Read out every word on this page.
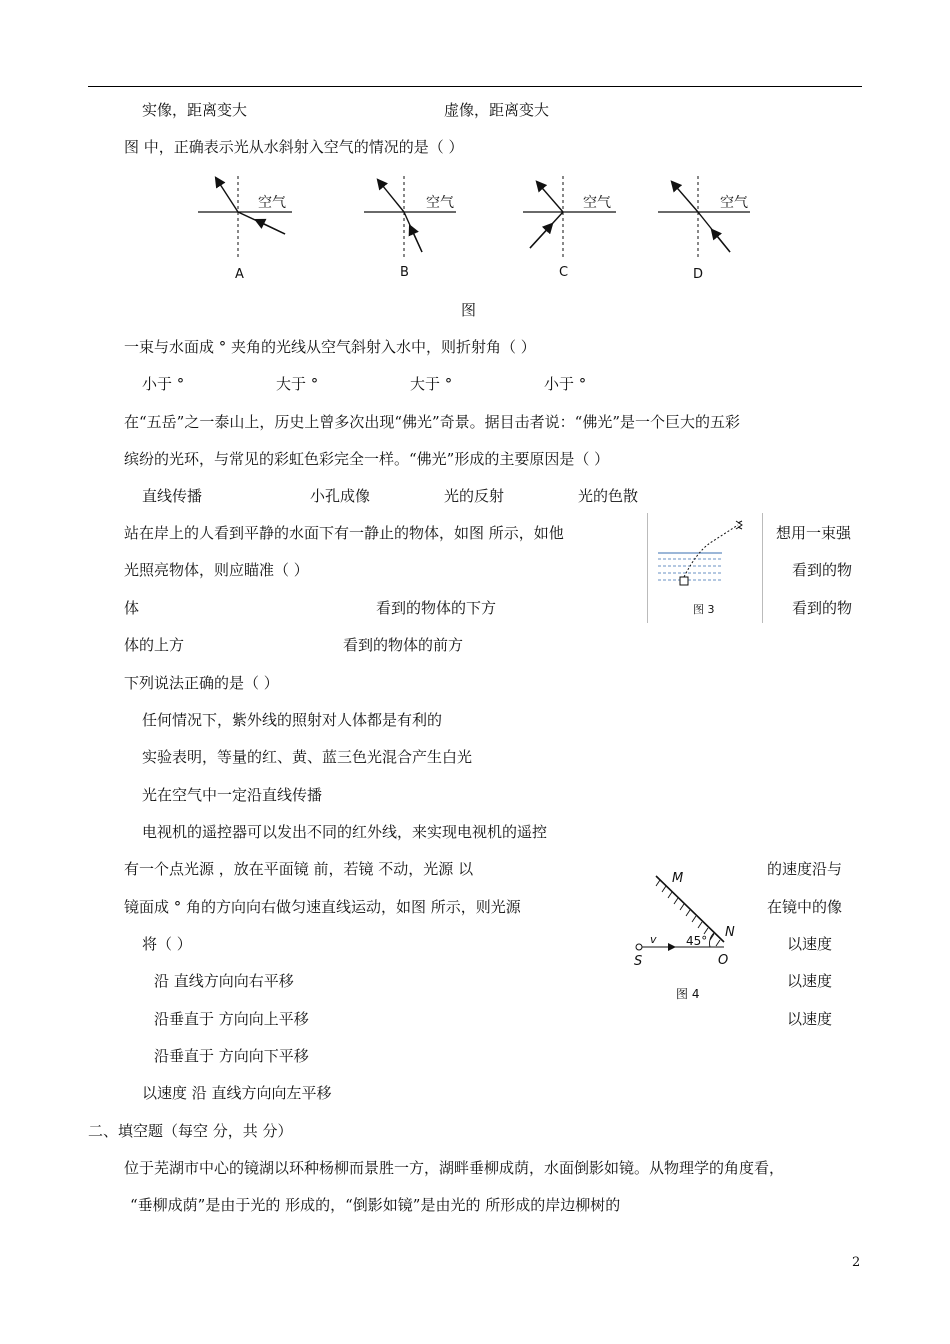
实像，距离变大	虚像，距离变大
图 中，正确表示光从水斜射入空气的情况的是（ ）
空气
A
空气
B
空气
C
空气
D
图
一束与水面成 ° 夹角的光线从空气斜射入水中，则折射角（ ）
小于 °	大于 °	大于 °	小于 °
在“五岳”之一泰山上，历史上曾多次出现“佛光”奇景。据目击者说：“佛光”是一个巨大的五彩
缤纷的光环，与常见的彩虹色彩完全一样。“佛光”形成的主要原因是（ ）
直线传播	小孔成像	光的反射	光的色散
站在岸上的人看到平静的水面下有一静止的物体，如图 所示，如他	想用一束强
光照亮物体，则应瞄准（ ）	看到的物
体	看到的物体的下方	看到的物
体的上方	看到的物体的前方
图 3
下列说法正确的是（ ）
任何情况下，紫外线的照射对人体都是有利的
实验表明，等量的红、黄、蓝三色光混合产生白光
光在空气中一定沿直线传播
电视机的遥控器可以发出不同的红外线，来实现电视机的遥控
有一个点光源 ，放在平面镜 前，若镜 不动，光源 以	的速度沿与
镜面成 ° 角的方向向右做匀速直线运动，如图 所示，则光源	在镜中的像
将（ ）	以速度
沿 直线方向向右平移	以速度
沿垂直于 方向向上平移	以速度
沿垂直于 方向向下平移
以速度 沿 直线方向向左平移
M
N
v 45°
S	O
图 4
二、填空题（每空 分，共 分）
位于芜湖市中心的镜湖以环种杨柳而景胜一方，湖畔垂柳成荫，水面倒影如镜。从物理学的角度看，
“垂柳成荫”是由于光的 形成的，“倒影如镜”是由光的 所形成的岸边柳树的
2
